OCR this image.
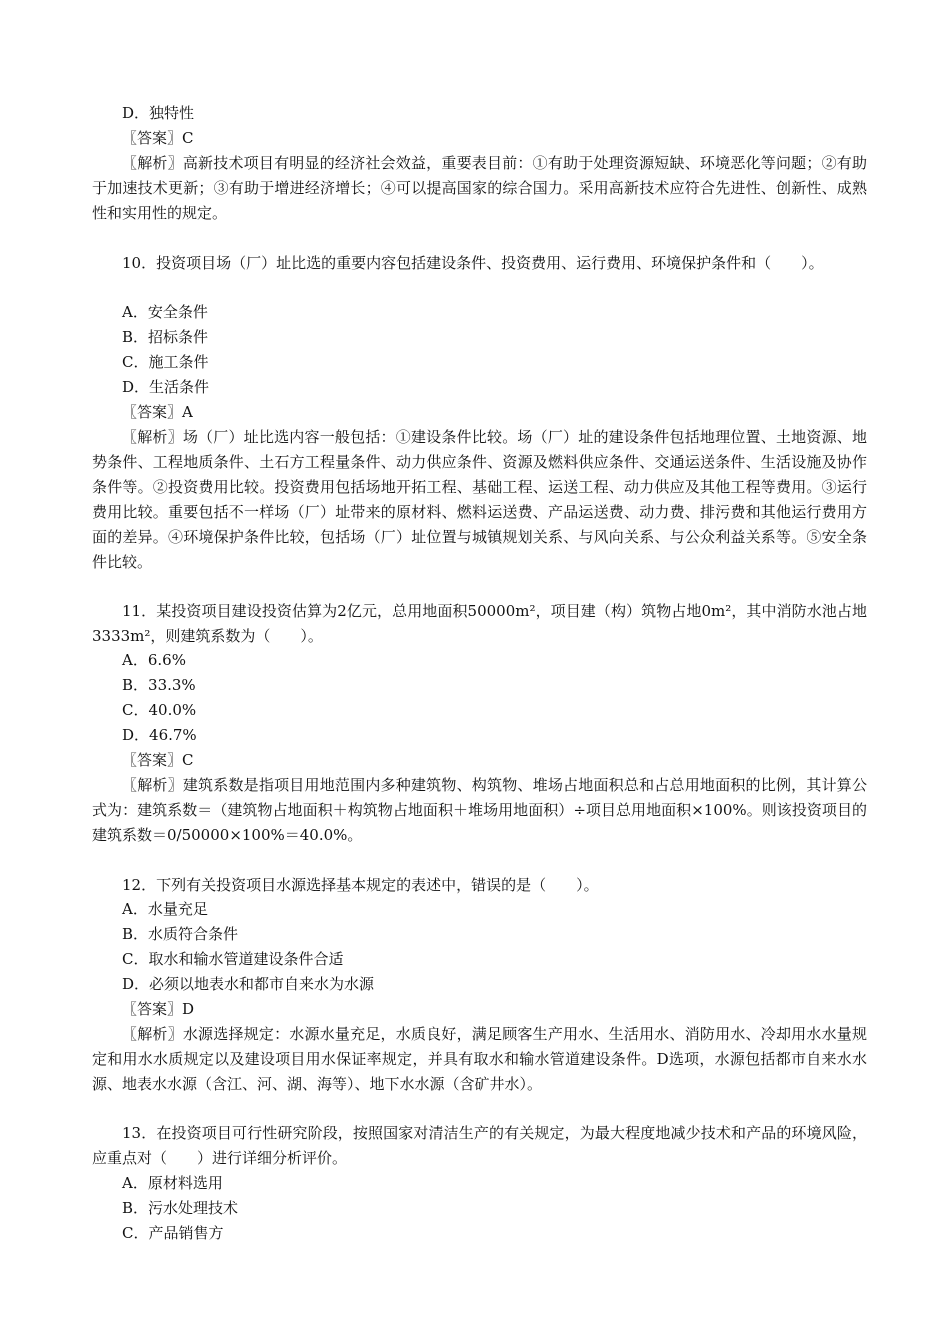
D．独特性

〖答案〗C

〖解析〗高新技术项目有明显的经济社会效益，重要表目前：①有助于处理资源短缺、环境恶化等问题；②有助于加速技术更新；③有助于增进经济增长；④可以提高国家的综合国力。采用高新技术应符合先进性、创新性、成熟性和实用性的规定。

10．投资项目场（厂）址比选的重要内容包括建设条件、投资费用、运行费用、环境保护条件和（　　）。

A．安全条件

B．招标条件

C．施工条件

D．生活条件

〖答案〗A

〖解析〗场（厂）址比选内容一般包括：①建设条件比较。场（厂）址的建设条件包括地理位置、土地资源、地势条件、工程地质条件、土石方工程量条件、动力供应条件、资源及燃料供应条件、交通运送条件、生活设施及协作条件等。②投资费用比较。投资费用包括场地开拓工程、基础工程、运送工程、动力供应及其他工程等费用。③运行费用比较。重要包括不一样场（厂）址带来的原材料、燃料运送费、产品运送费、动力费、排污费和其他运行费用方面的差异。④环境保护条件比较，包括场（厂）址位置与城镇规划关系、与风向关系、与公众利益关系等。⑤安全条件比较。

11．某投资项目建设投资估算为2亿元，总用地面积50000m²，项目建（构）筑物占地0m²，其中消防水池占地3333m²，则建筑系数为（　　）。

A．6.6%

B．33.3%

C．40.0%

D．46.7%

〖答案〗C

〖解析〗建筑系数是指项目用地范围内多种建筑物、构筑物、堆场占地面积总和占总用地面积的比例，其计算公式为：建筑系数＝（建筑物占地面积＋构筑物占地面积＋堆场用地面积）÷项目总用地面积×100%。则该投资项目的建筑系数＝0/50000×100%＝40.0%。

12．下列有关投资项目水源选择基本规定的表述中，错误的是（　　）。

A．水量充足

B．水质符合条件

C．取水和输水管道建设条件合适

D．必须以地表水和都市自来水为水源

〖答案〗D

〖解析〗水源选择规定：水源水量充足，水质良好，满足顾客生产用水、生活用水、消防用水、冷却用水水量规定和用水水质规定以及建设项目用水保证率规定，并具有取水和输水管道建设条件。D选项，水源包括都市自来水水源、地表水水源（含江、河、湖、海等）、地下水水源（含矿井水）。

13．在投资项目可行性研究阶段，按照国家对清洁生产的有关规定，为最大程度地减少技术和产品的环境风险，应重点对（　　）进行详细分析评价。

A．原材料选用

B．污水处理技术

C．产品销售方
